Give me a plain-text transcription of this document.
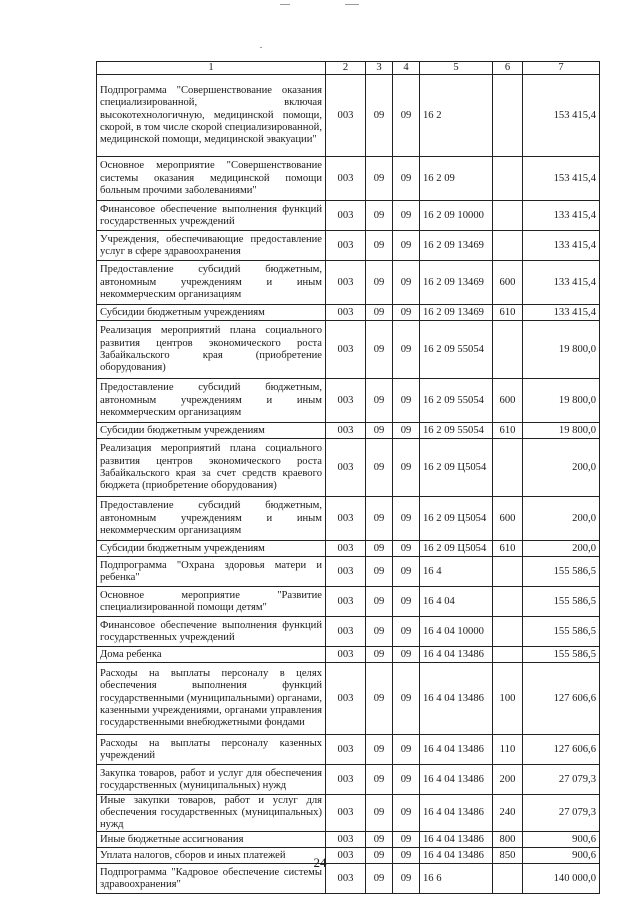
1	2	3	4	5	6	7
Подпрограмма "Совершенствование оказания специализированной, включая высокотехнологичную, медицинской помощи, скорой, в том числе скорой специализированной, медицинской помощи, медицинской эвакуации"	003	09	09	16 2		153 415,4
Основное мероприятие "Совершенствование системы оказания медицинской помощи больным прочими заболеваниями"	003	09	09	16 2 09		153 415,4
Финансовое обеспечение выполнения функций государственных учреждений	003	09	09	16 2 09 10000		133 415,4
Учреждения, обеспечивающие предоставление услуг в сфере здравоохранения	003	09	09	16 2 09 13469		133 415,4
Предоставление субсидий бюджетным, автономным учреждениям и иным некоммерческим организациям	003	09	09	16 2 09 13469	600	133 415,4
Субсидии бюджетным учреждениям	003	09	09	16 2 09 13469	610	133 415,4
Реализация мероприятий плана социального развития центров экономического роста Забайкальского края (приобретение оборудования)	003	09	09	16 2 09 55054		19 800,0
Предоставление субсидий бюджетным, автономным учреждениям и иным некоммерческим организациям	003	09	09	16 2 09 55054	600	19 800,0
Субсидии бюджетным учреждениям	003	09	09	16 2 09 55054	610	19 800,0
Реализация мероприятий плана социального развития центров экономического роста Забайкальского края за счет средств краевого бюджета (приобретение оборудования)	003	09	09	16 2 09 Ц5054		200,0
Предоставление субсидий бюджетным, автономным учреждениям и иным некоммерческим организациям	003	09	09	16 2 09 Ц5054	600	200,0
Субсидии бюджетным учреждениям	003	09	09	16 2 09 Ц5054	610	200,0
Подпрограмма "Охрана здоровья матери и ребенка"	003	09	09	16 4		155 586,5
Основное мероприятие "Развитие специализированной помощи детям"	003	09	09	16 4 04		155 586,5
Финансовое обеспечение выполнения функций государственных учреждений	003	09	09	16 4 04 10000		155 586,5
Дома ребенка	003	09	09	16 4 04 13486		155 586,5
Расходы на выплаты персоналу в целях обеспечения выполнения функций государственными (муниципальными) органами, казенными учреждениями, органами управления государственными внебюджетными фондами	003	09	09	16 4 04 13486	100	127 606,6
Расходы на выплаты персоналу казенных учреждений	003	09	09	16 4 04 13486	110	127 606,6
Закупка товаров, работ и услуг для обеспечения государственных (муниципальных) нужд	003	09	09	16 4 04 13486	200	27 079,3
Иные закупки товаров, работ и услуг для обеспечения государственных (муниципальных) нужд	003	09	09	16 4 04 13486	240	27 079,3
Иные бюджетные ассигнования	003	09	09	16 4 04 13486	800	900,6
Уплата налогов, сборов и иных платежей	003	09	09	16 4 04 13486	850	900,6
Подпрограмма "Кадровое обеспечение системы здравоохранения"	003	09	09	16 6		140 000,0
24
